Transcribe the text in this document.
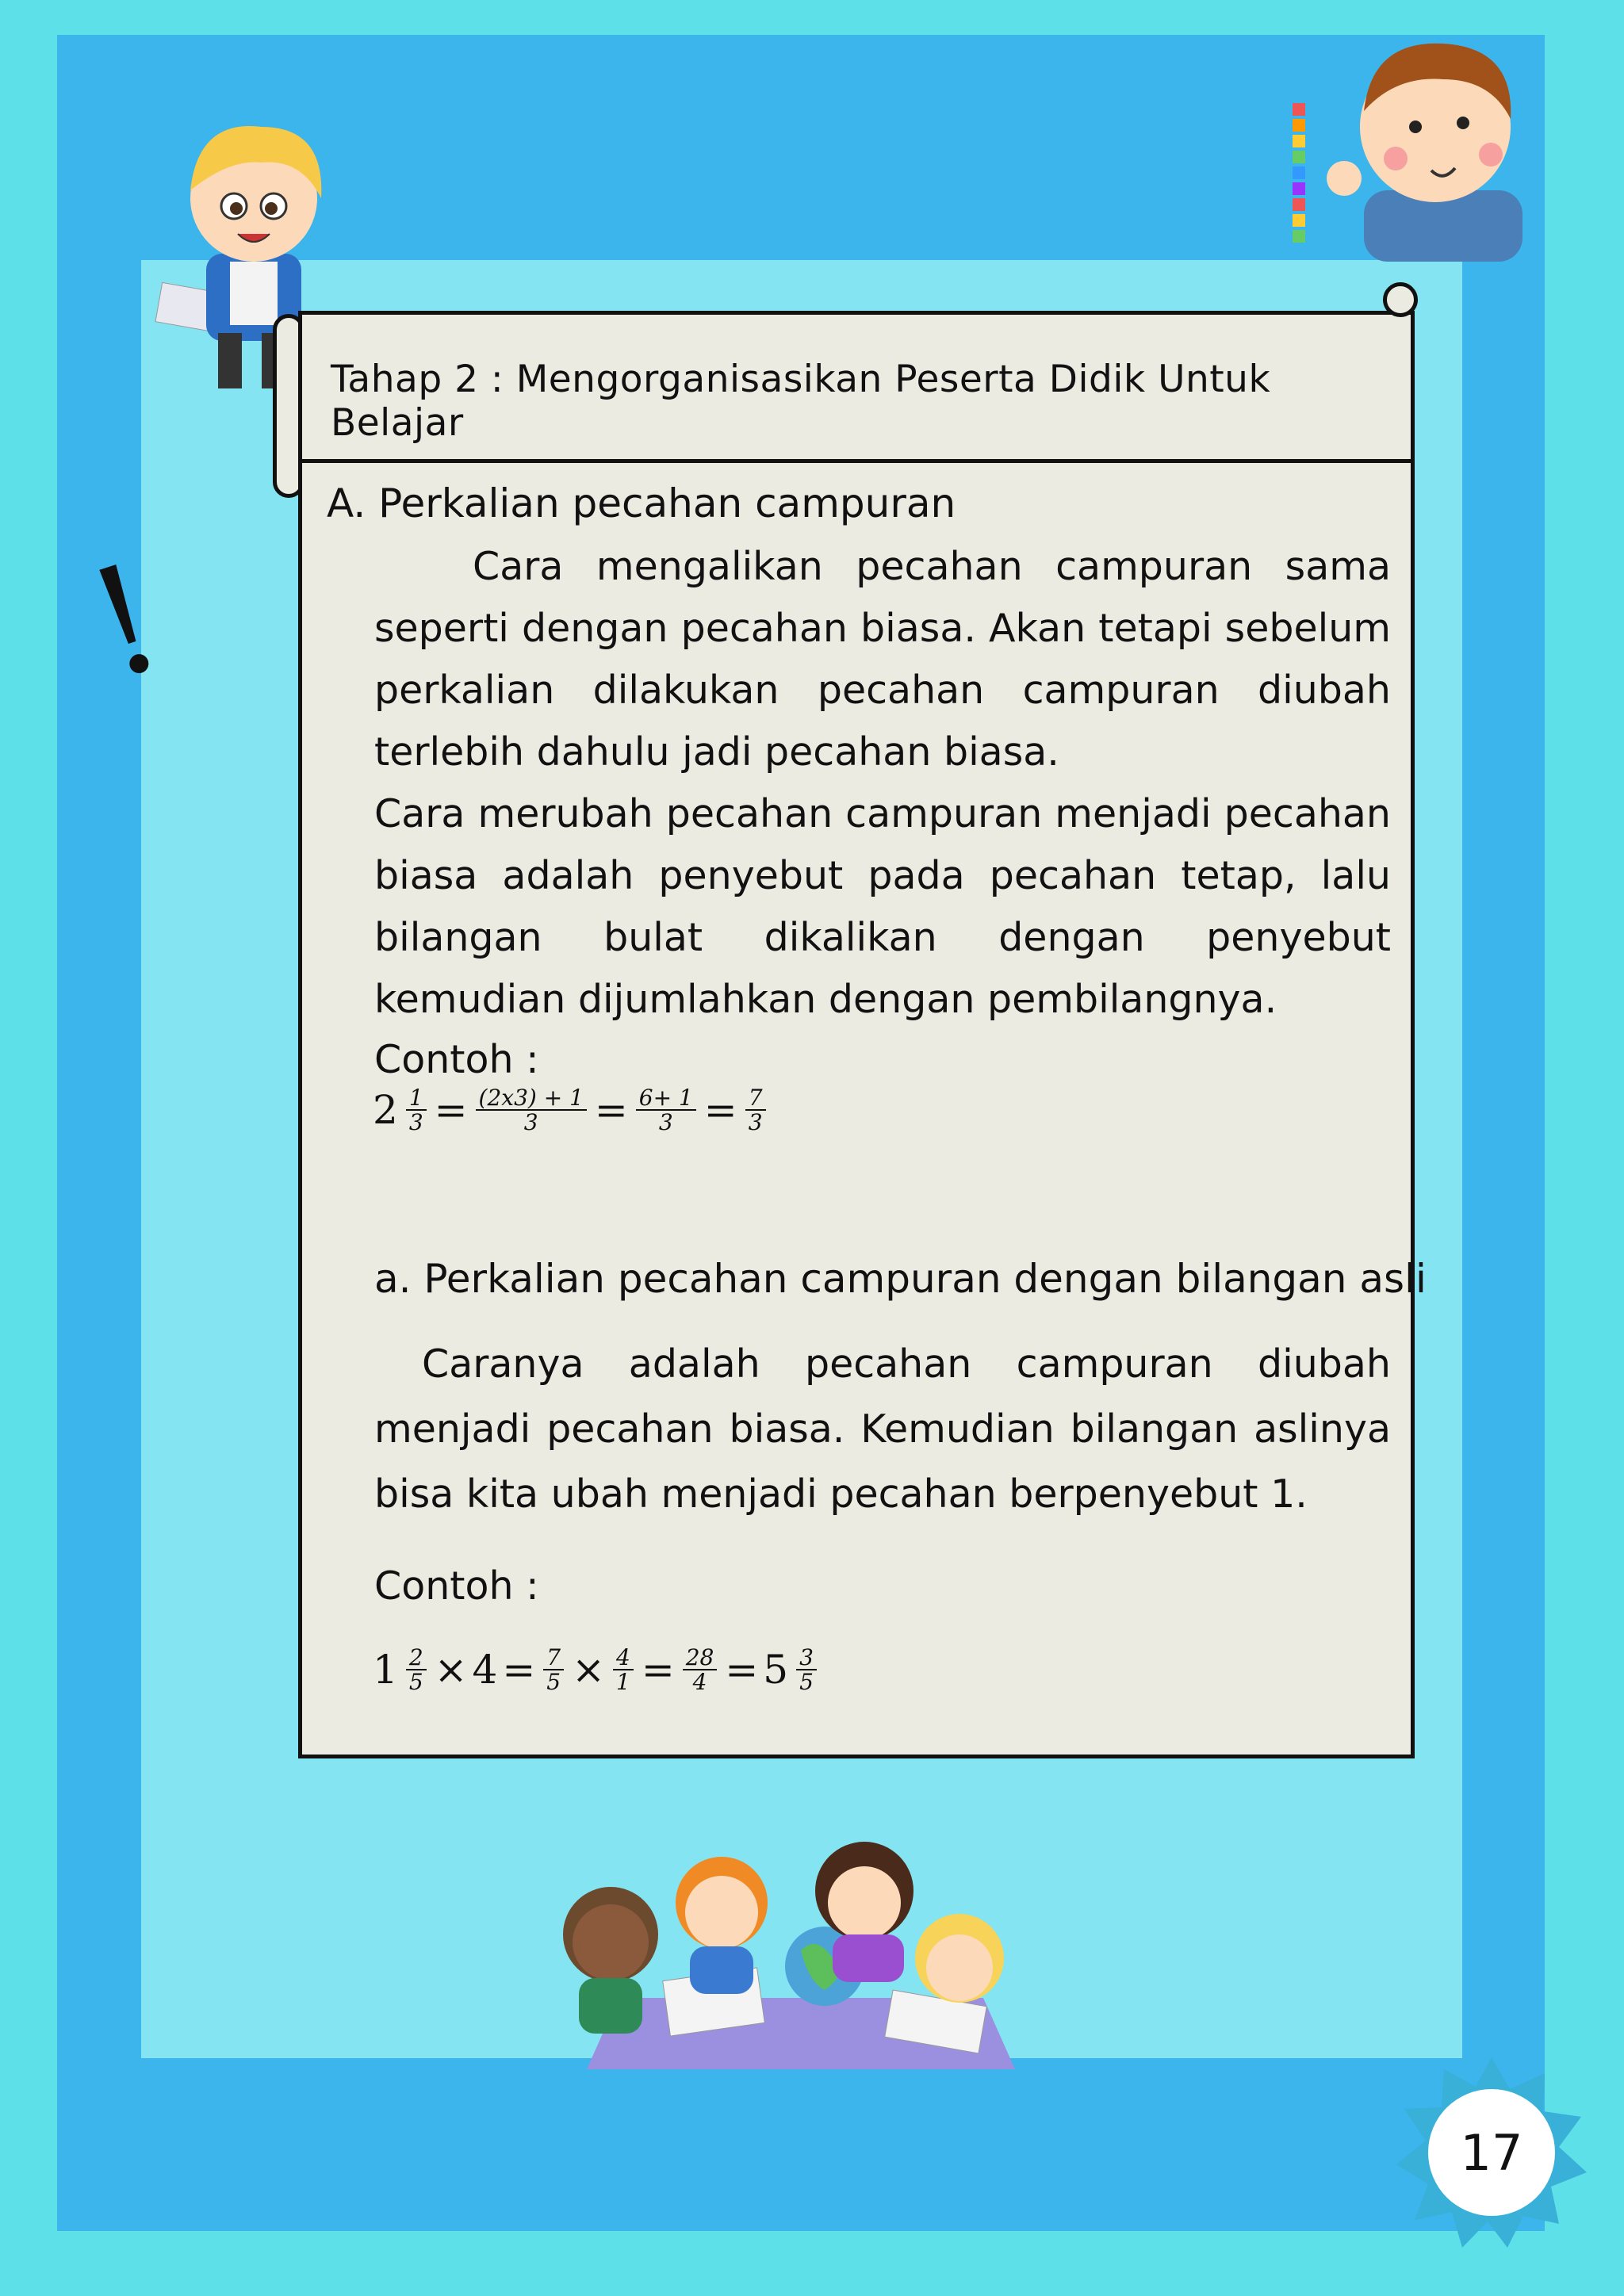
Tahap 2 : Mengorganisasikan Peserta Didik Untuk Belajar
A. Perkalian pecahan campuran
Cara mengalikan pecahan campuran sama seperti dengan pecahan biasa. Akan tetapi sebelum perkalian dilakukan pecahan campuran diubah terlebih dahulu jadi pecahan biasa.
Cara merubah pecahan campuran menjadi pecahan biasa adalah penyebut pada pecahan tetap, lalu bilangan bulat dikalikan dengan penyebut kemudian dijumlahkan dengan pembilangnya.
Contoh :
$2 \frac{1}{3} = \frac{(2x3) + 1}{3} = \frac{6+ 1}{3} = \frac{7}{3}$
a. Perkalian pecahan campuran dengan bilangan asli
Caranya adalah pecahan campuran diubah menjadi pecahan biasa. Kemudian bilangan aslinya bisa kita ubah menjadi pecahan berpenyebut 1.
Contoh :
$1 \frac{2}{5} \times 4 = \frac{7}{5} \times \frac{4}{1} = \frac{28}{4} = 5 \frac{3}{5}$
17
